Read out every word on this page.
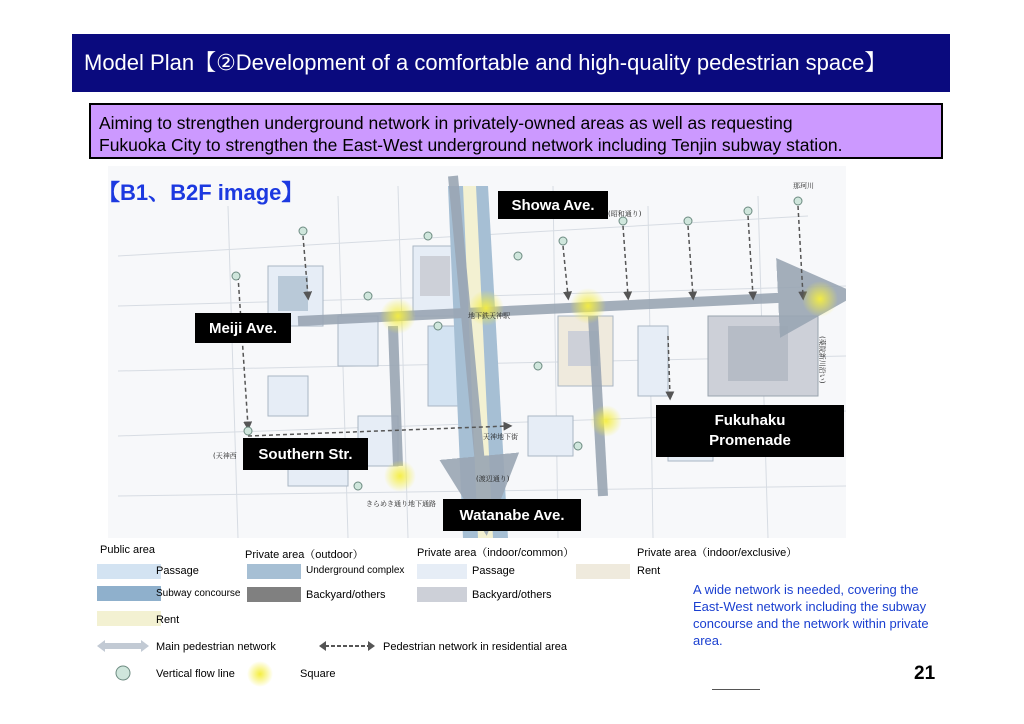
Model Plan【②Development of a comfortable and high-quality pedestrian space】
Aiming to strengthen underground network in privately-owned areas as well as requesting
Fukuoka City to strengthen the East-West underground network including Tenjin subway station.
那珂川
(昭和通り)
地下鉄天神駅
天神地下街
(渡辺通り)
きらめき通り地下通路
(天神西
(薬院新川沿い)
【B1、B2F image】	Showa Ave.
Meiji Ave.
Fukuhaku
Promenade
Southern Str.
Watanabe Ave.
Public area	Private area（outdoor）	Private area（indoor/common）	Private area（indoor/exclusive）
Passage
Subway concourse
Rent
Underground complex
Backyard/others
Passage
Backyard/others
Rent
Main pedestrian network	Pedestrian network in residential area
Vertical flow line	Square
A wide network is needed, covering the East-West network including the subway concourse and the network within private area.
21
